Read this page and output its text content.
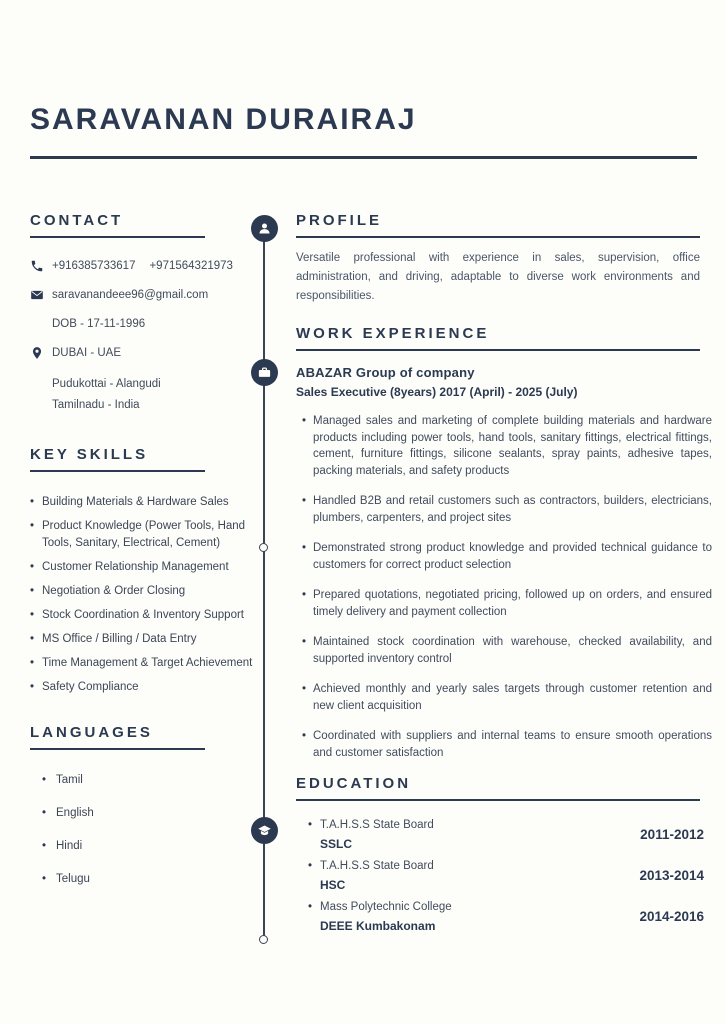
SARAVANAN DURAIRAJ
CONTACT
+916385733617 +971564321973
saravanandeee96@gmail.com
DOB - 17-11-1996
DUBAI - UAE
Pudukottai - Alangudi
Tamilnadu - India
KEY SKILLS
• Building Materials & Hardware Sales
• Product Knowledge (Power Tools, Hand Tools, Sanitary, Electrical, Cement)
• Customer Relationship Management
• Negotiation & Order Closing
• Stock Coordination & Inventory Support
• MS Office / Billing / Data Entry
• Time Management & Target Achievement
• Safety Compliance
LANGUAGES
• Tamil
• English
• Hindi
• Telugu
PROFILE
Versatile professional with experience in sales, supervision, office administration, and driving, adaptable to diverse work environments and responsibilities.
WORK EXPERIENCE
ABAZAR Group of company
Sales Executive (8years) 2017 (April) - 2025 (July)
• Managed sales and marketing of complete building materials and hardware products including power tools, hand tools, sanitary fittings, electrical fittings, cement, furniture fittings, silicone sealants, spray paints, adhesive tapes, packing materials, and safety products
• Handled B2B and retail customers such as contractors, builders, electricians, plumbers, carpenters, and project sites
• Demonstrated strong product knowledge and provided technical guidance to customers for correct product selection
• Prepared quotations, negotiated pricing, followed up on orders, and ensured timely delivery and payment collection
• Maintained stock coordination with warehouse, checked availability, and supported inventory control
• Achieved monthly and yearly sales targets through customer retention and new client acquisition
• Coordinated with suppliers and internal teams to ensure smooth operations and customer satisfaction
EDUCATION
• T.A.H.S.S State Board
SSLC
2011-2012
• T.A.H.S.S State Board
HSC
2013-2014
• Mass Polytechnic College
DEEE Kumbakonam
2014-2016
